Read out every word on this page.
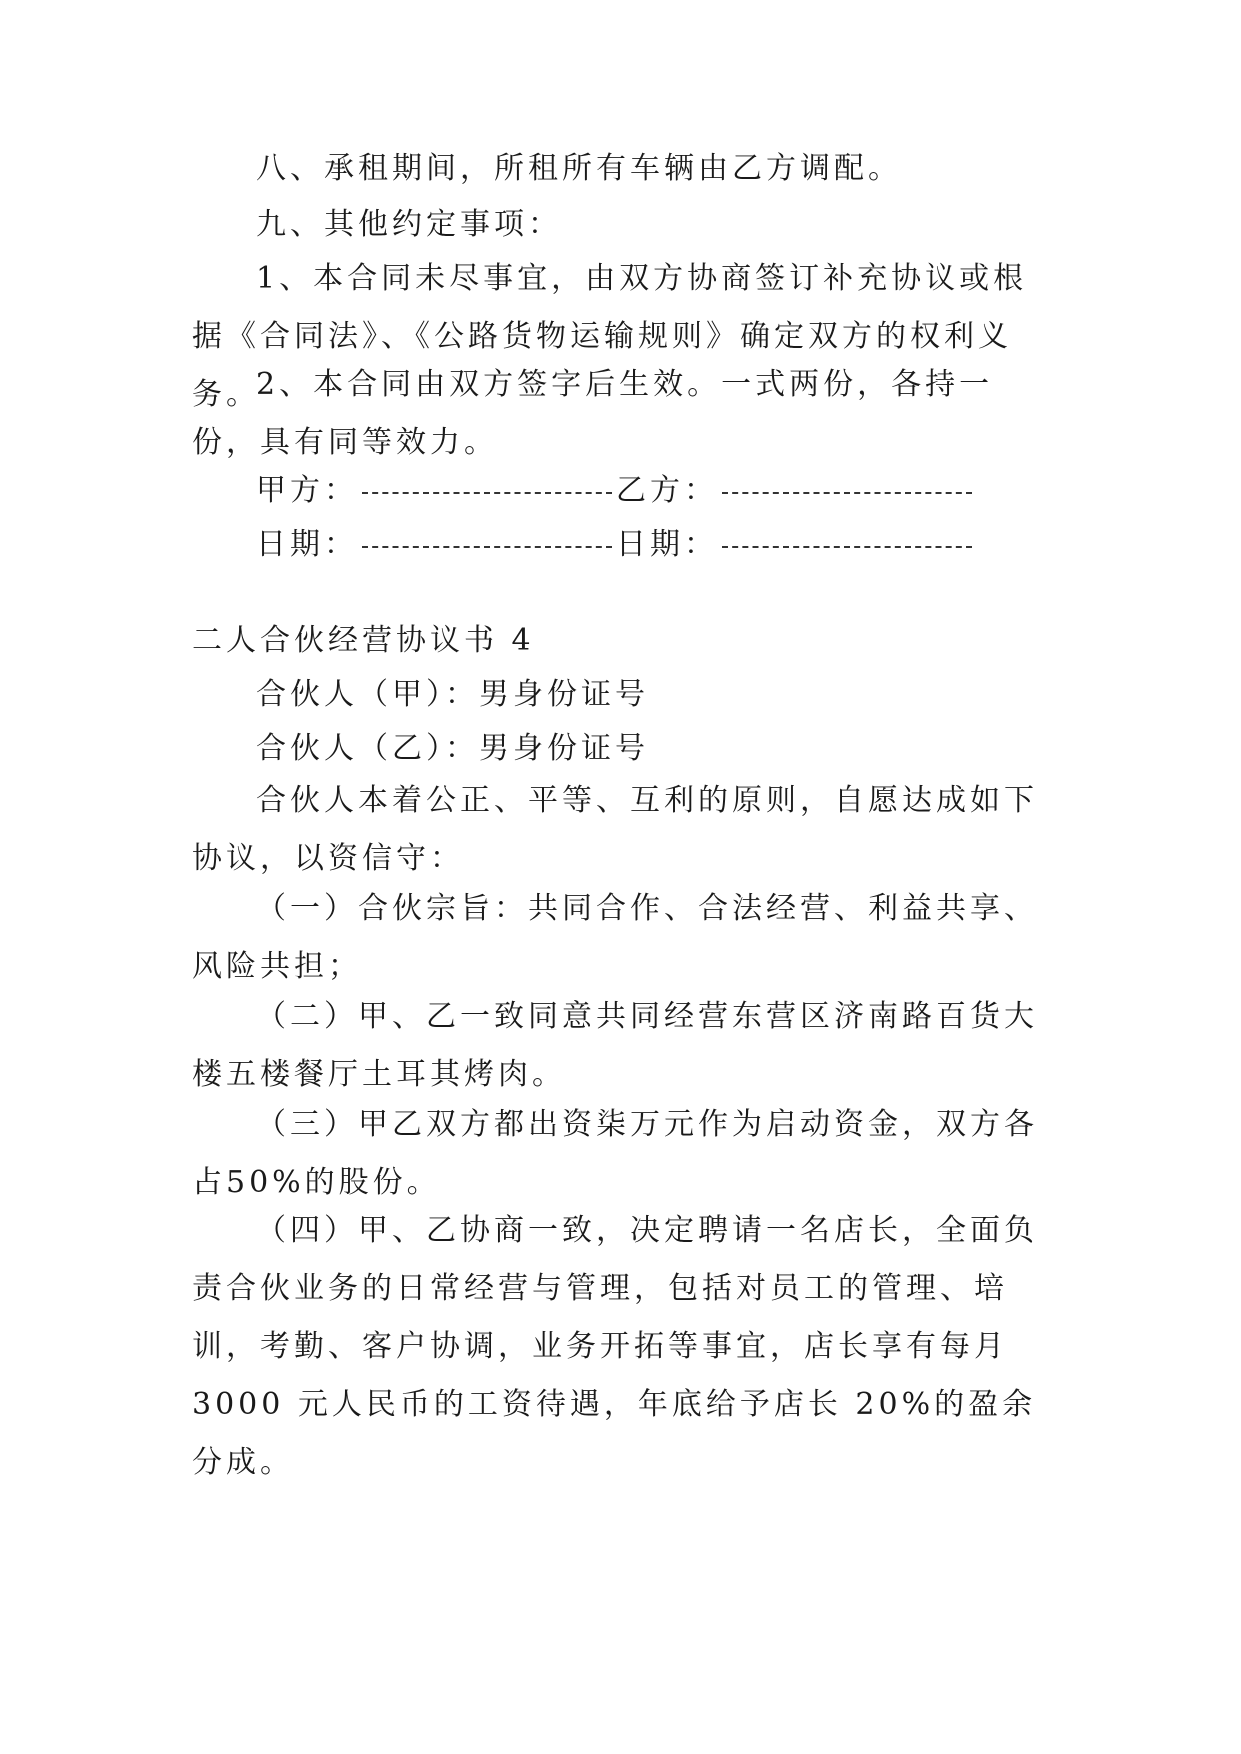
八、承租期间，所租所有车辆由乙方调配。

九、其他约定事项：

1、本合同未尽事宜，由双方协商签订补充协议或根据《合同法》、《公路货物运输规则》确定双方的权利义务。

2、本合同由双方签字后生效。一式两份，各持一份，具有同等效力。

甲方：	乙方：
日期：	日期：

二人合伙经营协议书 4

合伙人（甲）：男身份证号

合伙人（乙）：男身份证号

合伙人本着公正、平等、互利的原则，自愿达成如下协议，以资信守：

（一）合伙宗旨：共同合作、合法经营、利益共享、风险共担；

（二）甲、乙一致同意共同经营东营区济南路百货大楼五楼餐厅土耳其烤肉。

（三）甲乙双方都出资柒万元作为启动资金，双方各占50%的股份。

（四）甲、乙协商一致，决定聘请一名店长，全面负责合伙业务的日常经营与管理，包括对员工的管理、培训，考勤、客户协调，业务开拓等事宜，店长享有每月 3000 元人民币的工资待遇，年底给予店长 20%的盈余分成。
